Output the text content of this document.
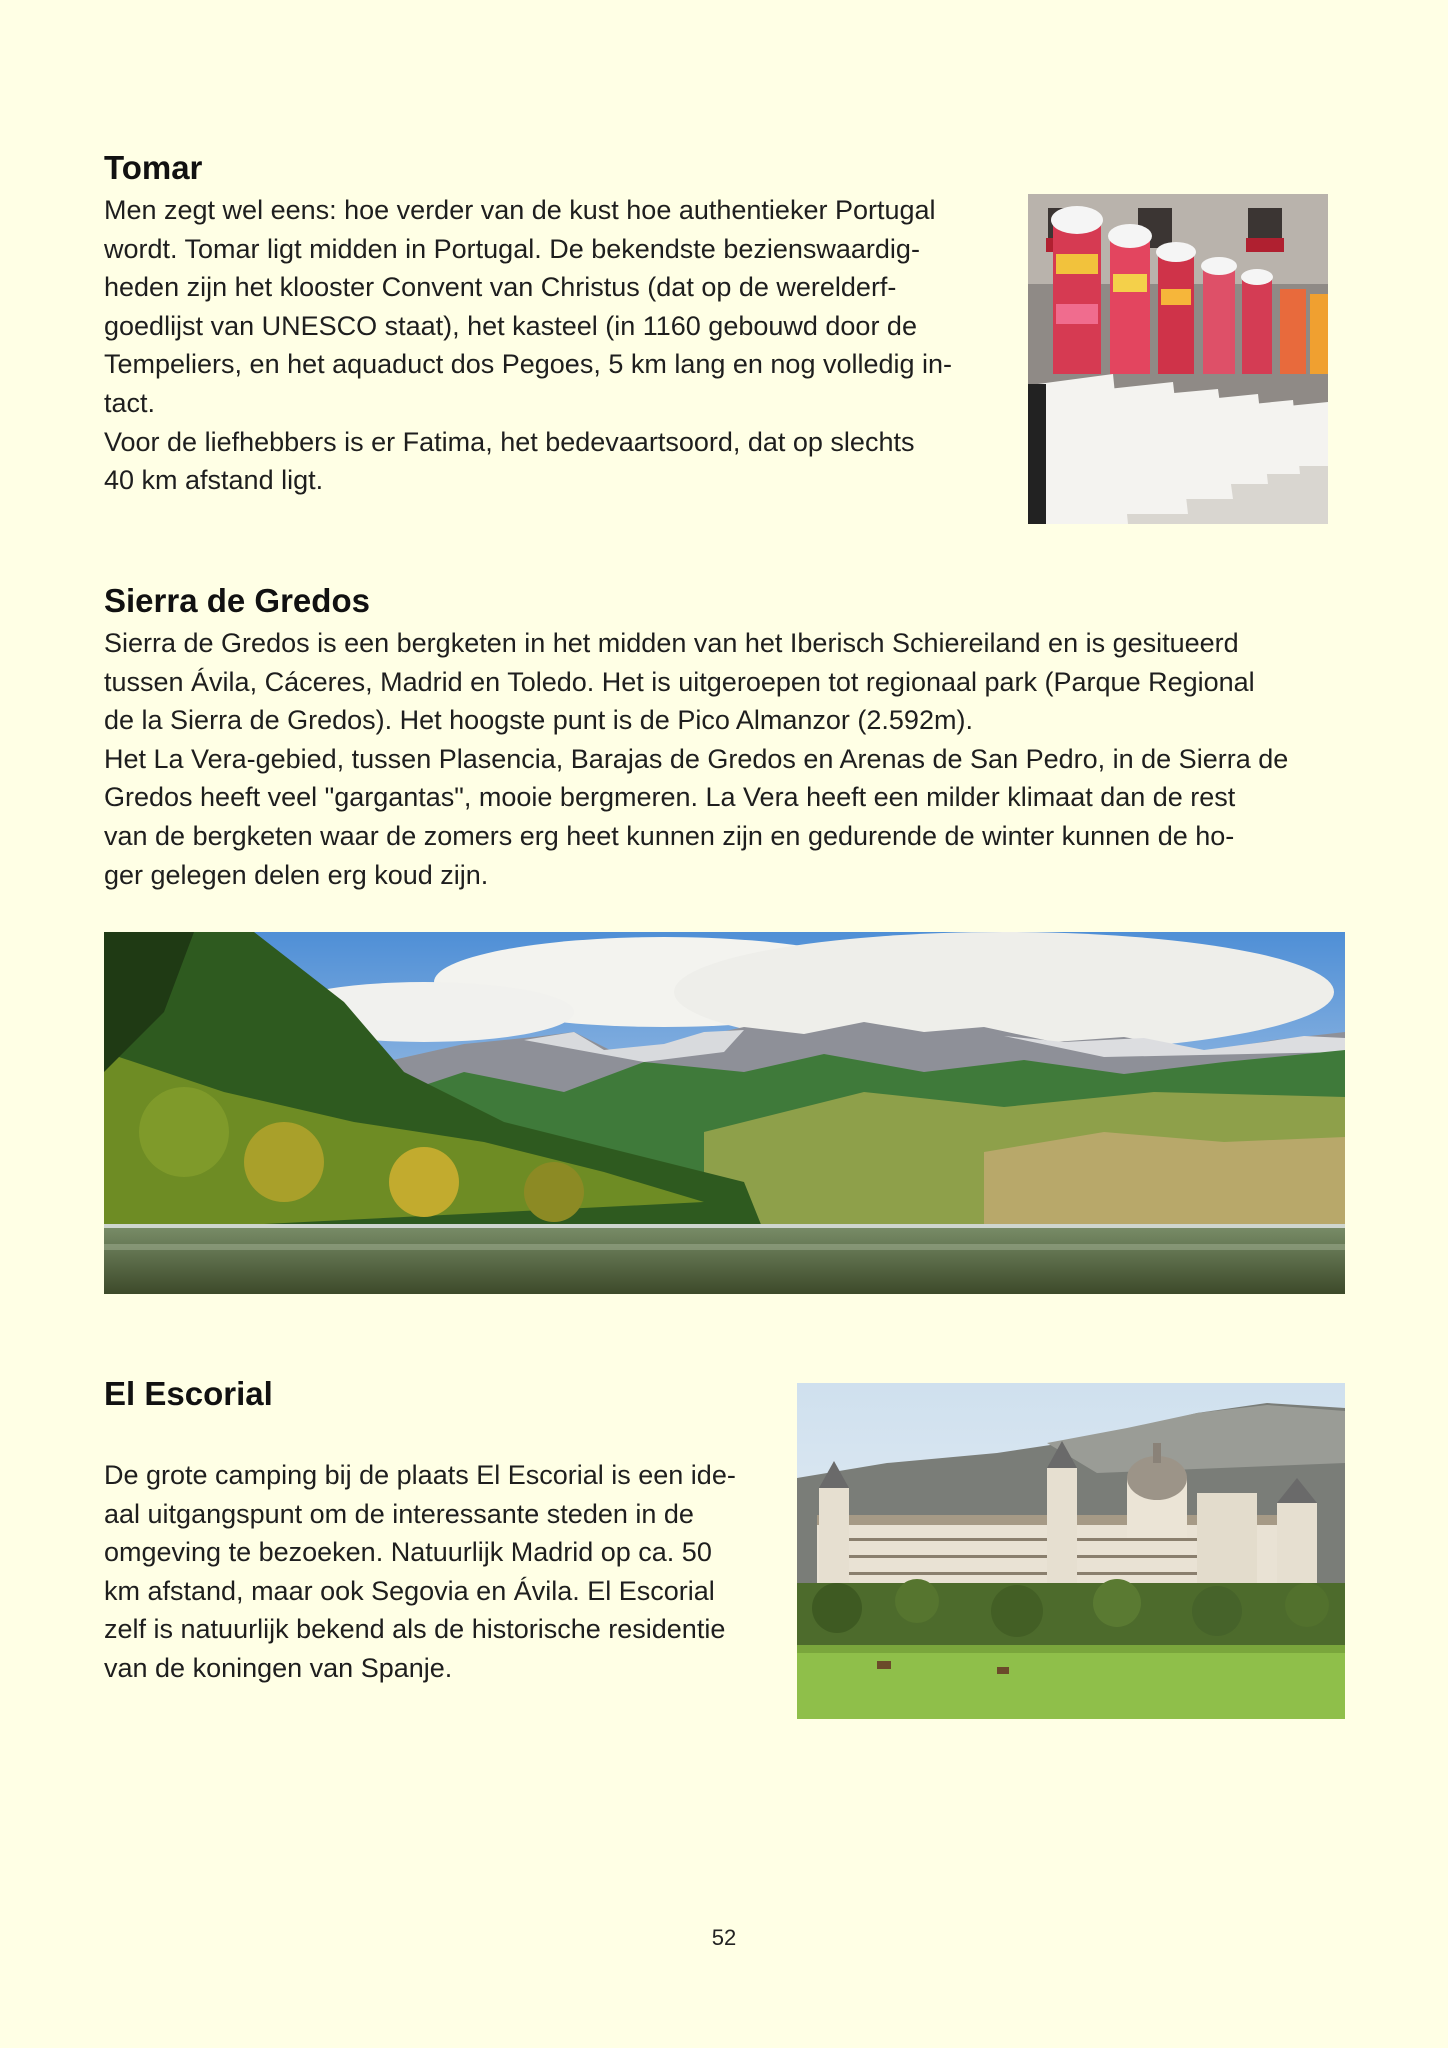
Tomar
Men zegt wel eens: hoe verder van de kust hoe authentieker Portugal
wordt. Tomar ligt midden in Portugal. De bekendste bezienswaardig-
heden zijn het klooster Convent van Christus (dat op de werelderf-
goedlijst van UNESCO staat), het kasteel (in 1160 gebouwd door de
Tempeliers, en het aquaduct dos Pegoes, 5 km lang en nog volledig in-
tact.
Voor de liefhebbers is er Fatima, het bedevaartsoord, dat op slechts
40 km afstand ligt.
Sierra de Gredos
Sierra de Gredos is een bergketen in het midden van het Iberisch Schiereiland en is gesitueerd
tussen Ávila, Cáceres, Madrid en Toledo. Het is uitgeroepen tot regionaal park (Parque Regional
de la Sierra de Gredos). Het hoogste punt is de Pico Almanzor (2.592m).
Het La Vera-gebied, tussen Plasencia, Barajas de Gredos en Arenas de San Pedro, in de Sierra de
Gredos heeft veel "gargantas", mooie bergmeren. La Vera heeft een milder klimaat dan de rest
van de bergketen waar de zomers erg heet kunnen zijn en gedurende de winter kunnen de ho-
ger gelegen delen erg koud zijn.
El Escorial
De grote camping bij de plaats El Escorial is een ide-
aal uitgangspunt om de interessante steden in de
omgeving te bezoeken. Natuurlijk Madrid op ca. 50
km afstand, maar ook Segovia en Ávila. El Escorial
zelf is natuurlijk bekend als de historische residentie
van de koningen van Spanje.
52
